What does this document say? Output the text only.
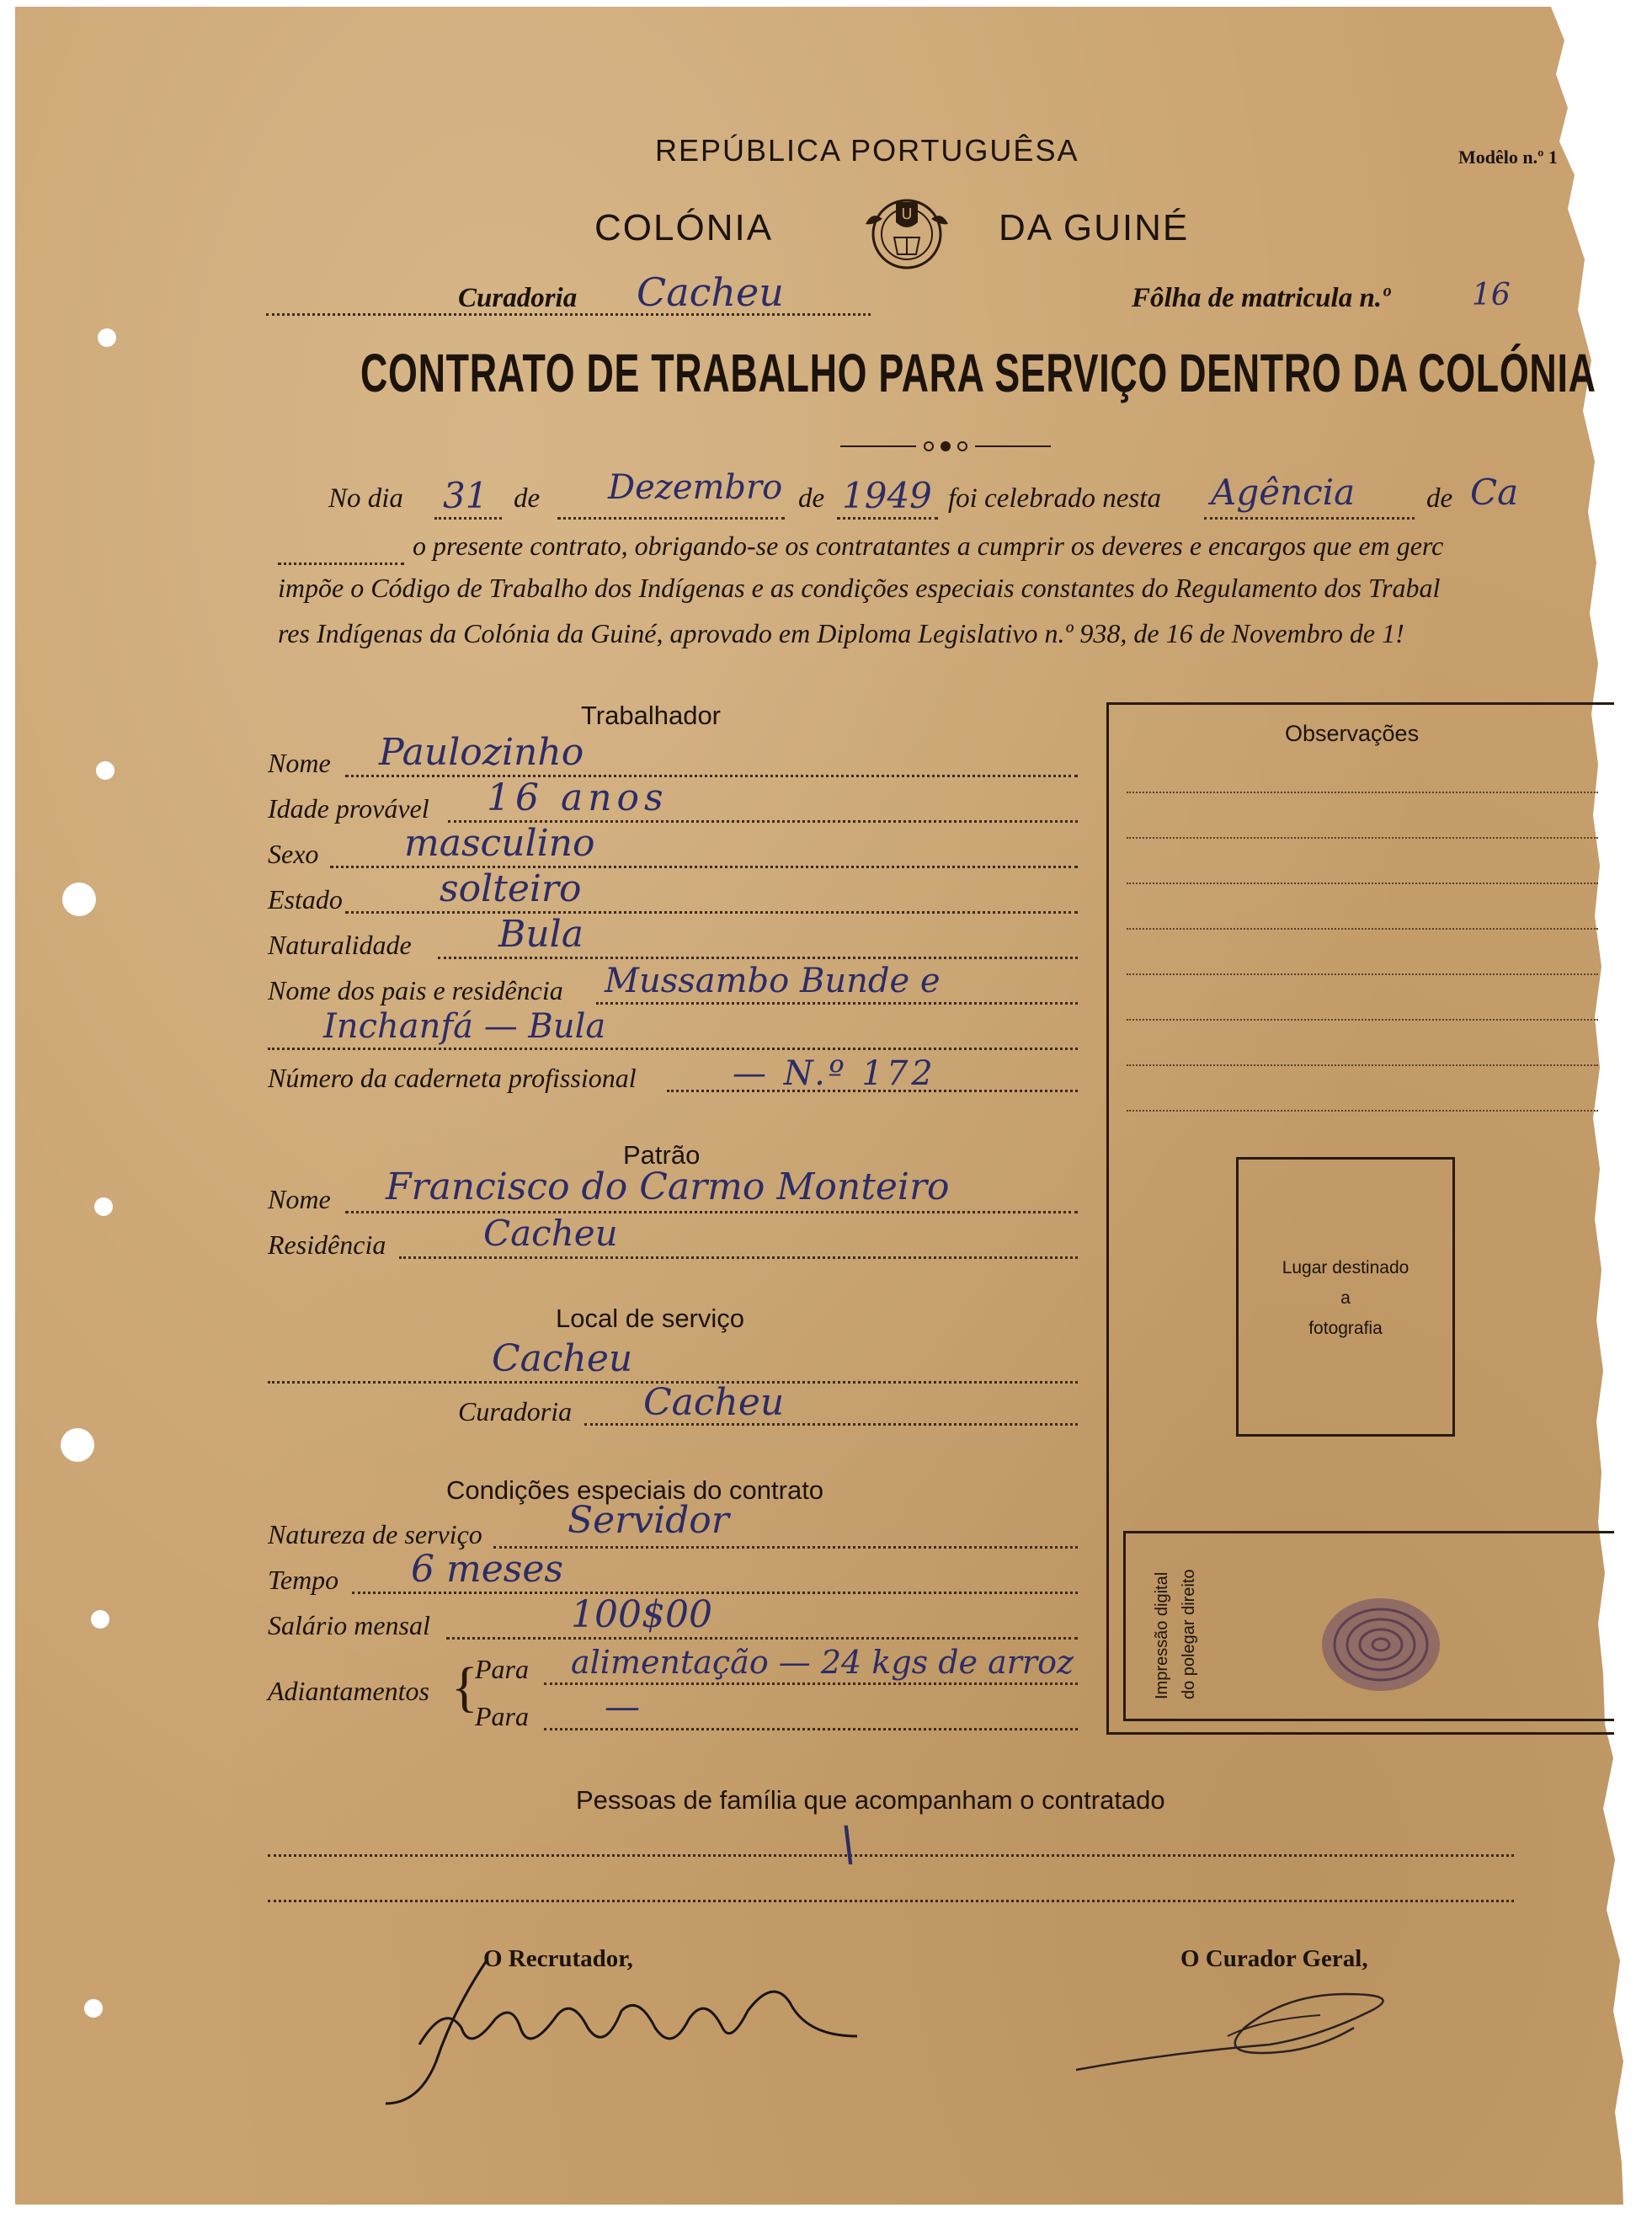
REPÚBLICA PORTUGUÊSA	Modêlo n.º 1
COLÓNIA	U DA GUINÉ
Curadoria Cacheu	Fôlha de matricula n.º	16
CONTRATO DE TRABALHO PARA SERVIÇO DENTRO DA COLÓNIA
No dia 31 de Dezembro de 1949 foi celebrado nesta Agência	de Ca
o presente contrato, obrigando-se os contratantes a cumprir os deveres e encargos que em gerc
impõe o Código de Trabalho dos Indígenas e as condições especiais constantes do Regulamento dos Trabal
res Indígenas da Colónia da Guiné, aprovado em Diploma Legislativo n.º 938, de 16 de Novembro de 1!
Trabalhador
Nome Paulozinho
Idade provável 16 anos
Sexo masculino
Estado	solteiro
Naturalidade Bula
Nome dos pais e residência Mussambo Bunde e
Inchanfá — Bula
Número da caderneta profissional	— N.º 172
Patrão
Nome Francisco do Carmo Monteiro
Residência	Cacheu
Local de serviço
Cacheu
Curadoria Cacheu
Condições especiais do contrato
Natureza de serviço Servidor
Tempo 6 meses
Salário mensal	100$00
Adiantamentos {
Para alimentação — 24 kgs de arroz
Para —
Observações
Lugar destinado
a
fotografia
Impressão digital do polegar direito
Pessoas de família que acompanham o contratado
\
O Recrutador,	O Curador Geral,
